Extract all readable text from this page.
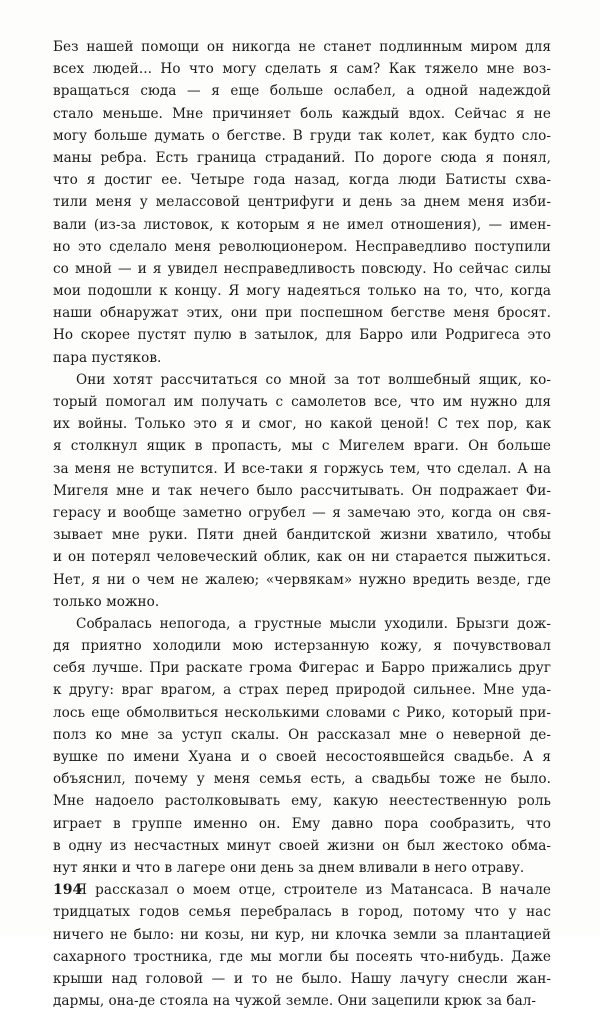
Без нашей помощи он никогда не станет подлинным миром для
всех людей... Но что могу сделать я сам? Как тяжело мне воз-
вращаться сюда — я еще больше ослабел, а одной надеждой
стало меньше. Мне причиняет боль каждый вдох. Сейчас я не
могу больше думать о бегстве. В груди так колет, как будто сло-
маны ребра. Есть граница страданий. По дороге сюда я понял,
что я достиг ее. Четыре года назад, когда люди Батисты схва-
тили меня у мелассовой центрифуги и день за днем меня изби-
вали (из-за листовок, к которым я не имел отношения), — имен-
но это сделало меня революционером. Несправедливо поступили
со мной — и я увидел несправедливость повсюду. Но сейчас силы
мои подошли к концу. Я могу надеяться только на то, что, когда
наши обнаружат этих, они при поспешном бегстве меня бросят.
Но скорее пустят пулю в затылок, для Барро или Родригеса это
пара пустяков.
Они хотят рассчитаться со мной за тот волшебный ящик, ко-
торый помогал им получать с самолетов все, что им нужно для
их войны. Только это я и смог, но какой ценой! С тех пор, как
я столкнул ящик в пропасть, мы с Мигелем враги. Он больше
за меня не вступится. И все-таки я горжусь тем, что сделал. А на
Мигеля мне и так нечего было рассчитывать. Он подражает Фи-
герасу и вообще заметно огрубел — я замечаю это, когда он свя-
зывает мне руки. Пяти дней бандитской жизни хватило, чтобы
и он потерял человеческий облик, как он ни старается пыжиться.
Нет, я ни о чем не жалею; «червякам» нужно вредить везде, где
только можно.
Собралась непогода, а грустные мысли уходили. Брызги дож-
дя приятно холодили мою истерзанную кожу, я почувствовал
себя лучше. При раскате грома Фигерас и Барро прижались друг
к другу: враг врагом, а страх перед природой сильнее. Мне уда-
лось еще обмолвиться несколькими словами с Рико, который при-
полз ко мне за уступ скалы. Он рассказал мне о неверной де-
вушке по имени Хуана и о своей несостоявшейся свадьбе. А я
объяснил, почему у меня семья есть, а свадьбы тоже не было.
Мне надоело растолковывать ему, какую неестественную роль
играет в группе именно он. Ему давно пора сообразить, что
в одну из несчастных минут своей жизни он был жестоко обма-
нут янки и что в лагере они день за днем вливали в него отраву.
Я рассказал о моем отце, строителе из Матансаса. В начале
тридцатых годов семья перебралась в город, потому что у нас
ничего не было: ни козы, ни кур, ни клочка земли за плантацией
сахарного тростника, где мы могли бы посеять что-нибудь. Даже
крыши над головой — и то не было. Нашу лачугу снесли жан-
дармы, она-де стояла на чужой земле. Они зацепили крюк за бал-
194
